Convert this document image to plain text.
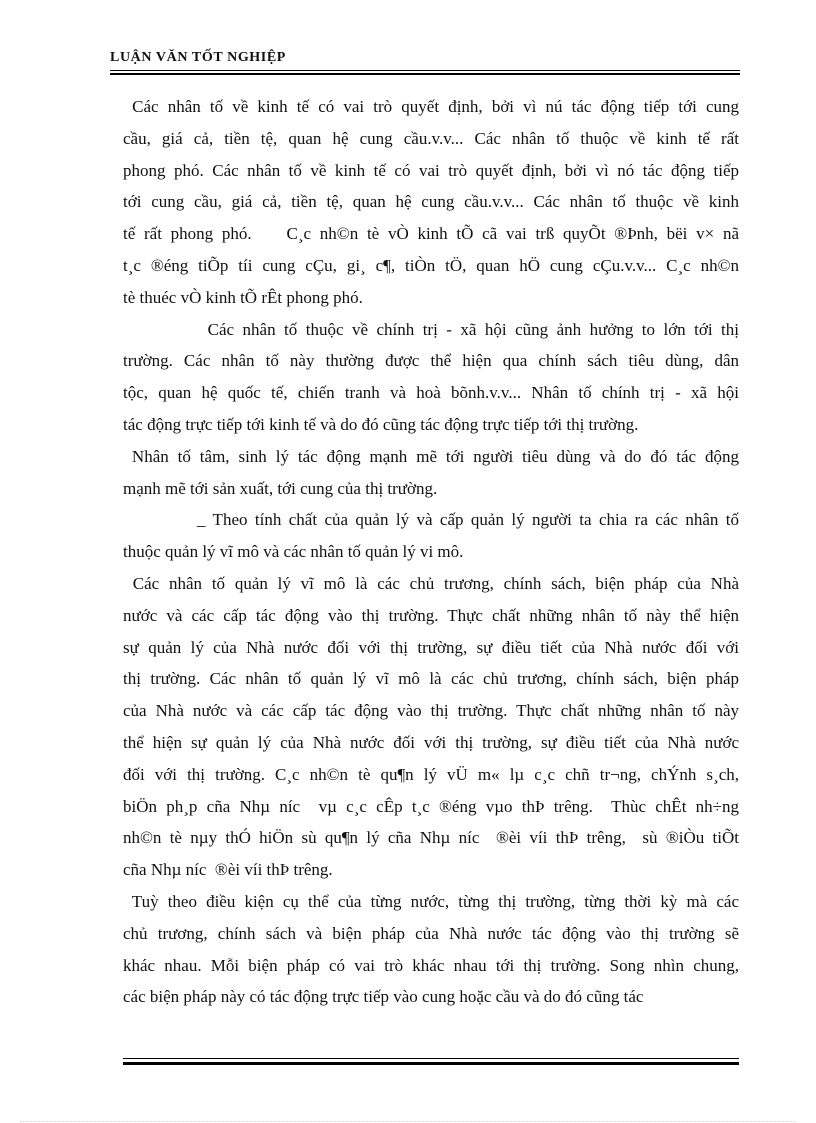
LUẬN VĂN TỐT NGHIỆP
Các nhân tố về kinh tế có vai trò quyết định, bởi vì nú tác động tiếp tới cung
cầu, giá cả, tiền tệ, quan hệ cung cầu.v.v... Các nhân tố thuộc về kinh tế rất
phong phó. Các nhân tố về kinh tế có vai trò quyết định, bởi vì nó tác động tiếp
tới cung cầu, giá cả, tiền tệ, quan hệ cung cầu.v.v... Các nhân tố thuộc về kinh
tế rất phong phó.    C¸c nh©n tè vÒ kinh tÕ cã vai trß quyÕt ®Þnh, bëi v× nã
t¸c ®éng tiÕp tíi cung cÇu, gi¸ c¶, tiÒn tÖ, quan hÖ cung cÇu.v.v... C¸c nh©n
tè thuéc vÒ kinh tÕ rÊt phong phó.
Các nhân tố thuộc về chính trị - xã hội cũng ảnh hưởng to lớn tới thị
trường. Các nhân tố này thường được thể hiện qua chính sách tiêu dùng, dân
tộc, quan hệ quốc tế, chiến tranh và hoà bõnh.v.v... Nhân tố chính trị - xã hội
tác động trực tiếp tới kinh tế và do đó cũng tác động trực tiếp tới thị trường.
Nhân tố tâm, sinh lý tác động mạnh mẽ tới người tiêu dùng và do đó tác động
mạnh mẽ tới sản xuất, tới cung của thị trường.
_ Theo tính chất của quản lý và cấp quản lý người ta chia ra các nhân tố
thuộc quản lý vĩ mô và các nhân tố quản lý vi mô.
Các nhân tố quản lý vĩ mô là các chủ trương, chính sách, biện pháp của Nhà
nước và các cấp tác động vào thị trường. Thực chất những nhân tố này thể hiện
sự quản lý của Nhà nước đối với thị trường, sự điều tiết của Nhà nước đối với
thị trường. Các nhân tố quản lý vĩ mô là các chủ trương, chính sách, biện pháp
của Nhà nước và các cấp tác động vào thị trường. Thực chất những nhân tố này
thể hiện sự quản lý của Nhà nước đối với thị trường, sự điều tiết của Nhà nước
đối với thị trường. C¸c nh©n tè qu¶n lý vÜ m« lµ c¸c chñ tr¬ng, chÝnh s¸ch,
biÖn ph¸p cña Nhµ níc  vµ c¸c cÊp t¸c ®éng vµo thÞ trêng.  Thùc chÊt nh÷ng
nh©n tè nµy thÓ hiÖn sù qu¶n lý cña Nhµ níc  ®èi víi thÞ trêng,  sù ®iÒu tiÕt
cña Nhµ níc  ®èi víi thÞ trêng.
Tuỳ theo điều kiện cụ thể của từng nước, từng thị trường, từng thời kỳ mà các
chủ trương, chính sách và biện pháp của Nhà nước tác động vào thị trường sẽ
khác nhau. Mỗi biện pháp có vai trò khác nhau tới thị trường. Song nhìn chung,
các biện pháp này có tác động trực tiếp vào cung hoặc cầu và do đó cũng tác
